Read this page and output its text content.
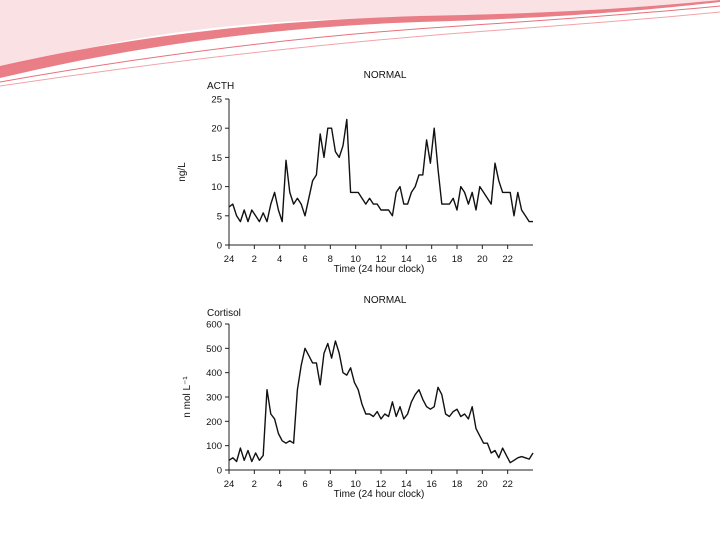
0
5
10
15
20
25
24 2 4 6 8 10 12 14 16 18 20 22
NORMAL
ACTH
Time (24 hour clock)
ng/L
0
100
200
300
400
500
600
24 2 4 6 8 10 12 14 16 18 20 22
NORMAL
Cortisol
Time (24 hour clock)
n mol L⁻¹
